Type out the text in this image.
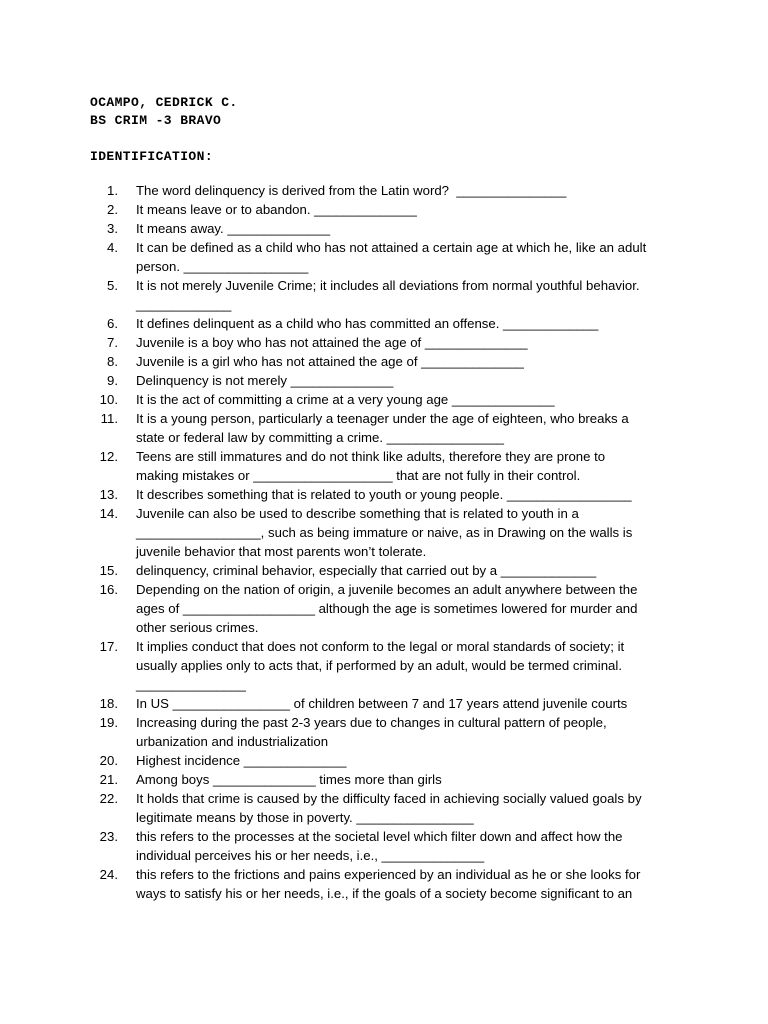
OCAMPO, CEDRICK C.
BS CRIM -3 BRAVO
IDENTIFICATION:
1. The word delinquency is derived from the Latin word?  _______________
2. It means leave or to abandon. ______________
3. It means away. ______________
4. It can be defined as a child who has not attained a certain age at which he, like an adult
person. _________________
5. It is not merely Juvenile Crime; it includes all deviations from normal youthful behavior.
_____________
6. It defines delinquent as a child who has committed an offense. _____________
7. Juvenile is a boy who has not attained the age of ______________
8. Juvenile is a girl who has not attained the age of ______________
9. Delinquency is not merely ______________
10. It is the act of committing a crime at a very young age ______________
11. It is a young person, particularly a teenager under the age of eighteen, who breaks a
state or federal law by committing a crime. ________________
12. Teens are still immatures and do not think like adults, therefore they are prone to
making mistakes or ___________________ that are not fully in their control.
13. It describes something that is related to youth or young people. _________________
14. Juvenile can also be used to describe something that is related to youth in a
_________________, such as being immature or naive, as in Drawing on the walls is
juvenile behavior that most parents won’t tolerate.
15. delinquency, criminal behavior, especially that carried out by a _____________
16. Depending on the nation of origin, a juvenile becomes an adult anywhere between the
ages of __________________ although the age is sometimes lowered for murder and
other serious crimes.
17. It implies conduct that does not conform to the legal or moral standards of society; it
usually applies only to acts that, if performed by an adult, would be termed criminal.
_______________
18. In US ________________ of children between 7 and 17 years attend juvenile courts
19. Increasing during the past 2-3 years due to changes in cultural pattern of people,
urbanization and industrialization
20. Highest incidence ______________
21. Among boys ______________ times more than girls
22. It holds that crime is caused by the difficulty faced in achieving socially valued goals by
legitimate means by those in poverty. ________________
23. this refers to the processes at the societal level which filter down and affect how the
individual perceives his or her needs, i.e., ______________
24. this refers to the frictions and pains experienced by an individual as he or she looks for
ways to satisfy his or her needs, i.e., if the goals of a society become significant to an
